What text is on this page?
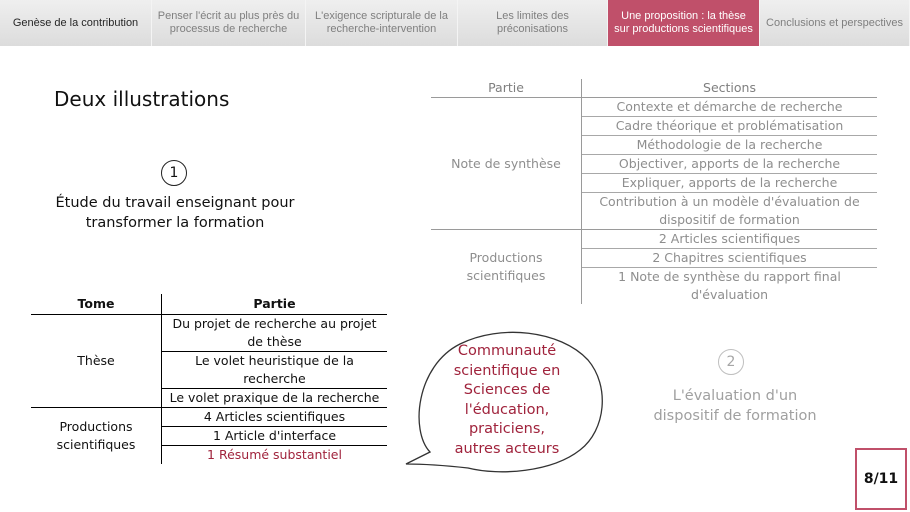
Genèse de la contribution
Penser l'écrit au plus près du processus de recherche
L'exigence scripturale de la recherche-intervention
Les limites des préconisations
Une proposition : la thèse sur productions scientifiques
Conclusions et perspectives
Deux illustrations
1
Étude du travail enseignant pour
transformer la formation
2
L'évaluation d'un
dispositif de formation
Tome	Partie
Thèse	Du projet de recherche au projet de thèse
	Le volet heuristique de la recherche
	Le volet praxique de la recherche
Productions scientifiques	4 Articles scientifiques
	1 Article d'interface
	1 Résumé substantiel
Partie	Sections
Note de synthèse	Contexte et démarche de recherche
	Cadre théorique et problématisation
	Méthodologie de la recherche
	Objectiver, apports de la recherche
	Expliquer, apports de la recherche
	Contribution à un modèle d'évaluation de dispositif de formation
Productions scientifiques	2 Articles scientifiques
	2 Chapitres scientifiques
	1 Note de synthèse du rapport final d'évaluation
Communauté
scientifique en
Sciences de
l'éducation,
praticiens,
autres acteurs
8/11
